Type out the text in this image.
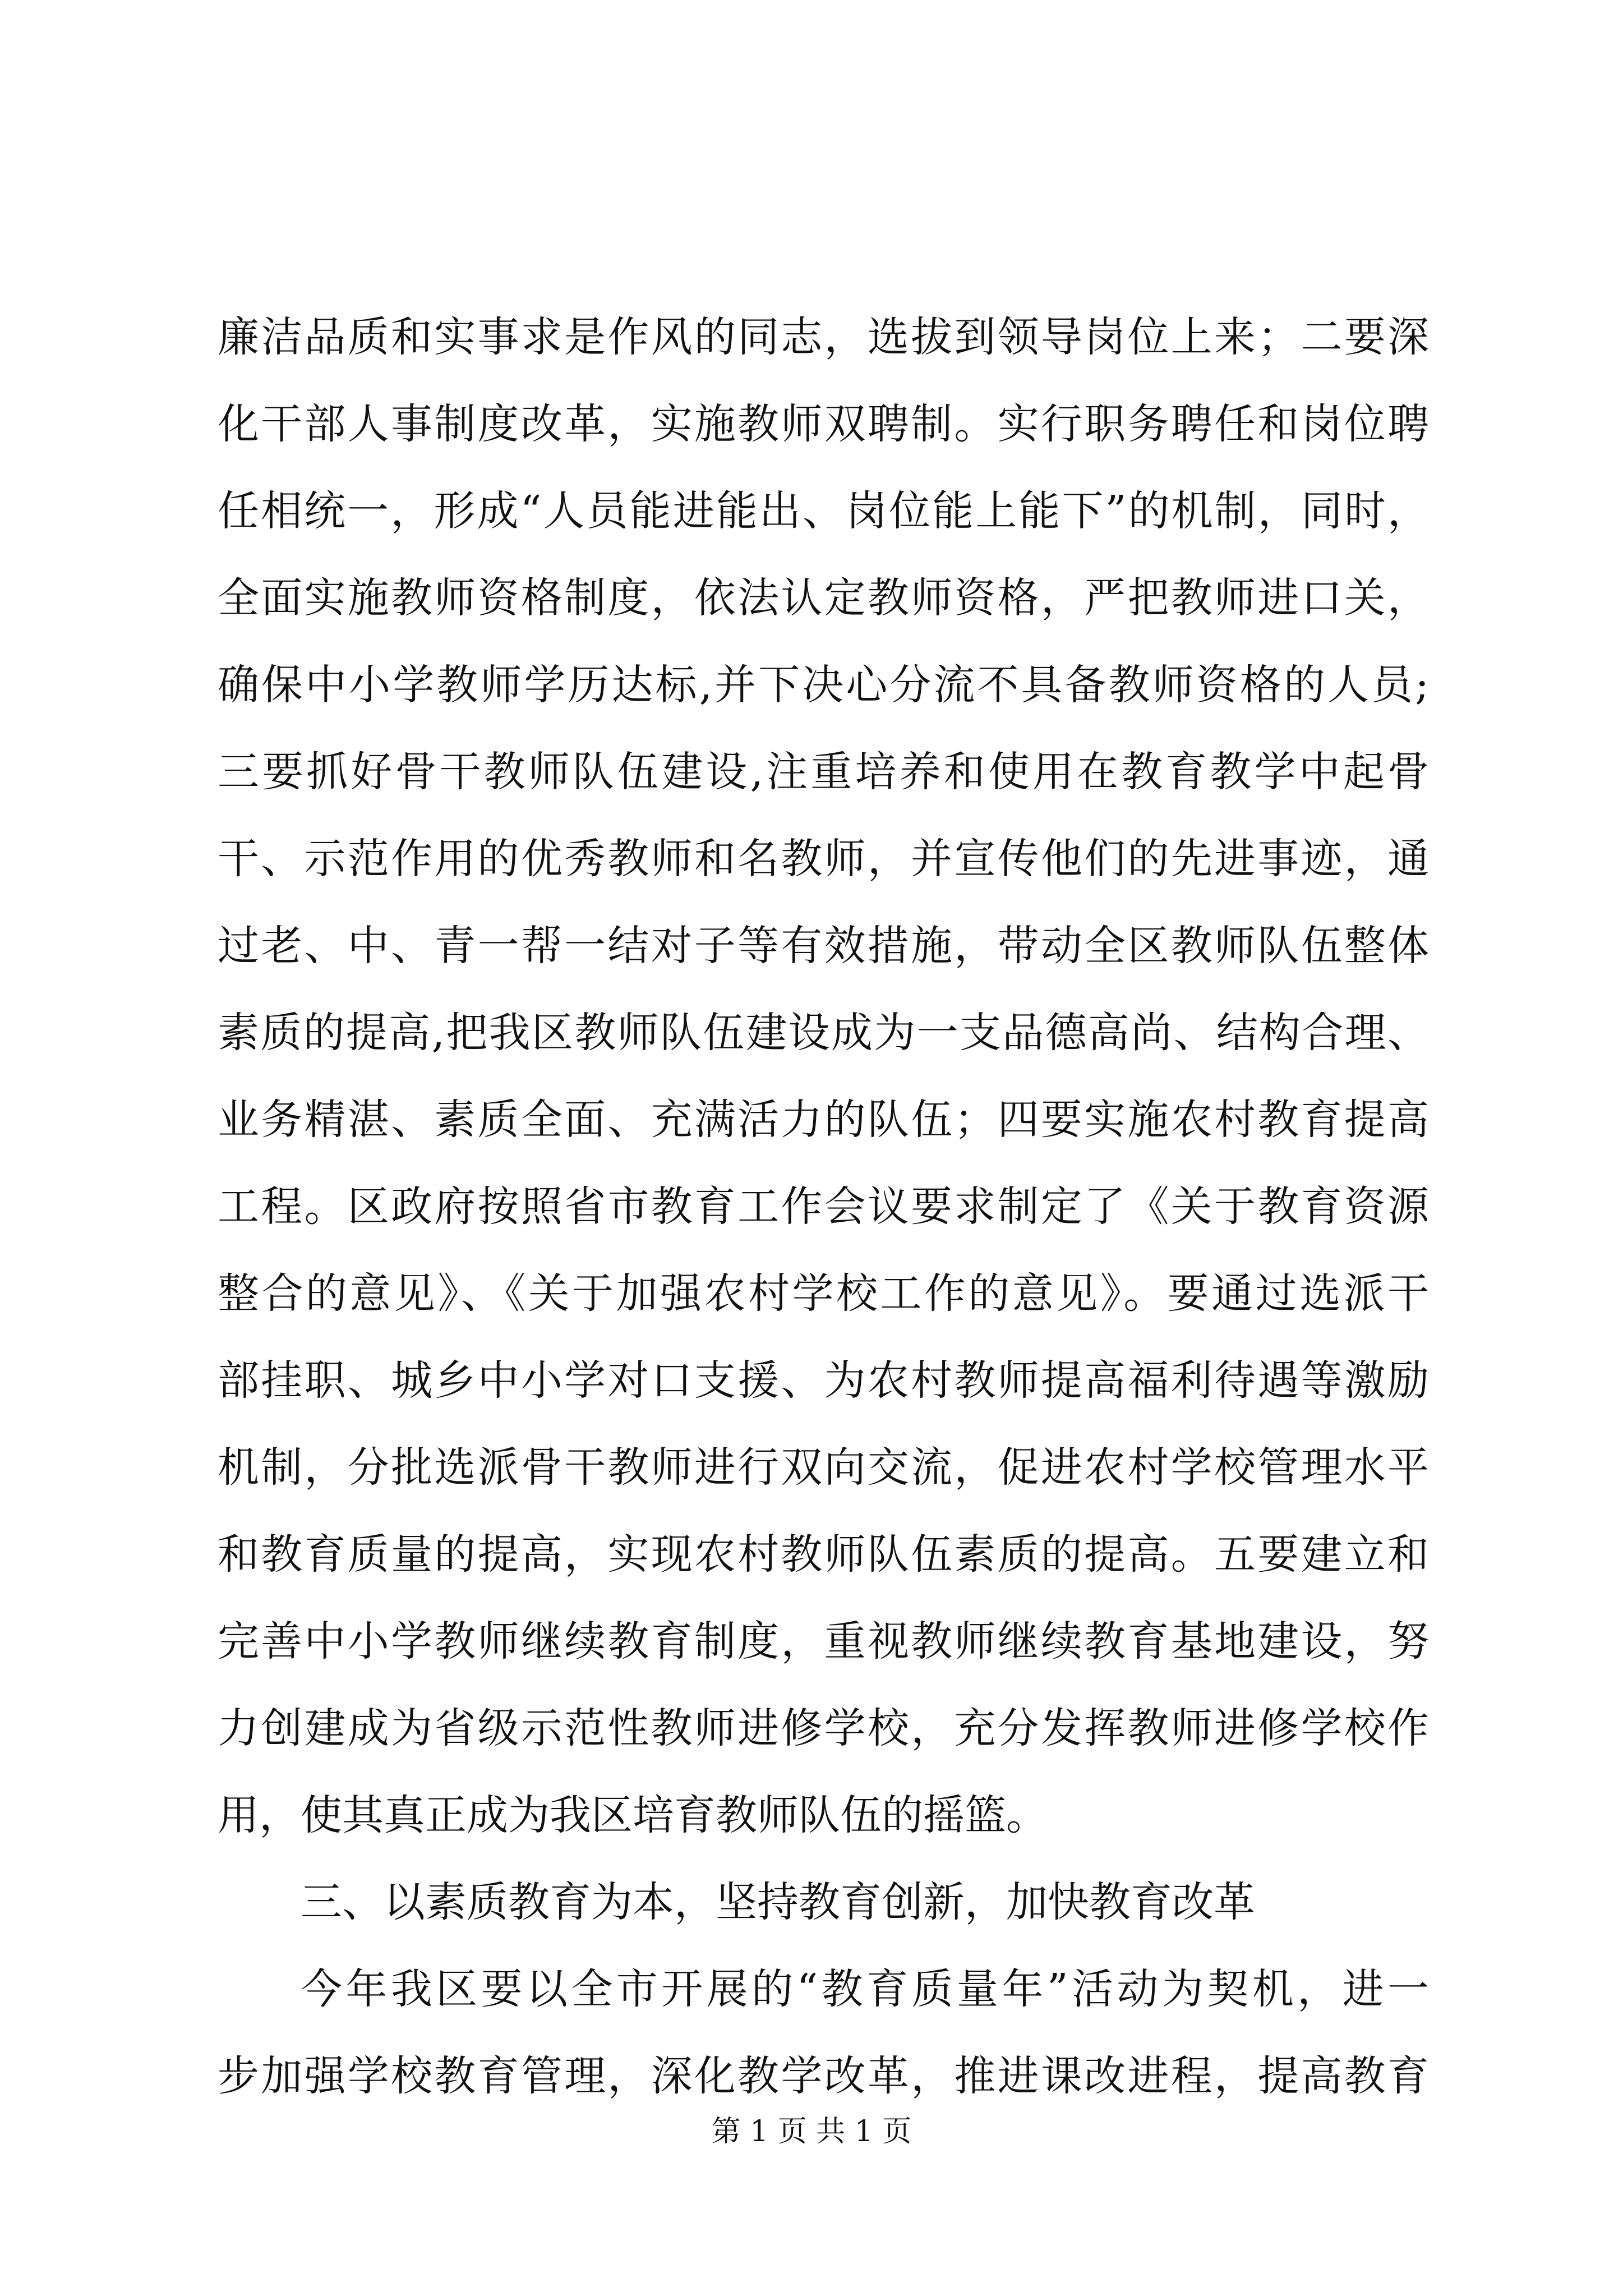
廉洁品质和实事求是作风的同志，选拔到领导岗位上来；二要深
化干部人事制度改革，实施教师双聘制。实行职务聘任和岗位聘
任相统一，形成“人员能进能出、岗位能上能下”的机制，同时，
全面实施教师资格制度，依法认定教师资格，严把教师进口关，
确保中小学教师学历达标,并下决心分流不具备教师资格的人员;
三要抓好骨干教师队伍建设,注重培养和使用在教育教学中起骨
干、示范作用的优秀教师和名教师，并宣传他们的先进事迹，通
过老、中、青一帮一结对子等有效措施，带动全区教师队伍整体
素质的提高,把我区教师队伍建设成为一支品德高尚、结构合理、
业务精湛、素质全面、充满活力的队伍；四要实施农村教育提高
工程。区政府按照省市教育工作会议要求制定了《关于教育资源
整合的意见》、《关于加强农村学校工作的意见》。要通过选派干
部挂职、城乡中小学对口支援、为农村教师提高福利待遇等激励
机制，分批选派骨干教师进行双向交流，促进农村学校管理水平
和教育质量的提高，实现农村教师队伍素质的提高。五要建立和
完善中小学教师继续教育制度，重视教师继续教育基地建设，努
力创建成为省级示范性教师进修学校，充分发挥教师进修学校作
用，使其真正成为我区培育教师队伍的摇篮。
三、以素质教育为本，坚持教育创新，加快教育改革
今年我区要以全市开展的“教育质量年”活动为契机，进一
步加强学校教育管理，深化教学改革，推进课改进程，提高教育
第 1 页 共 1 页
